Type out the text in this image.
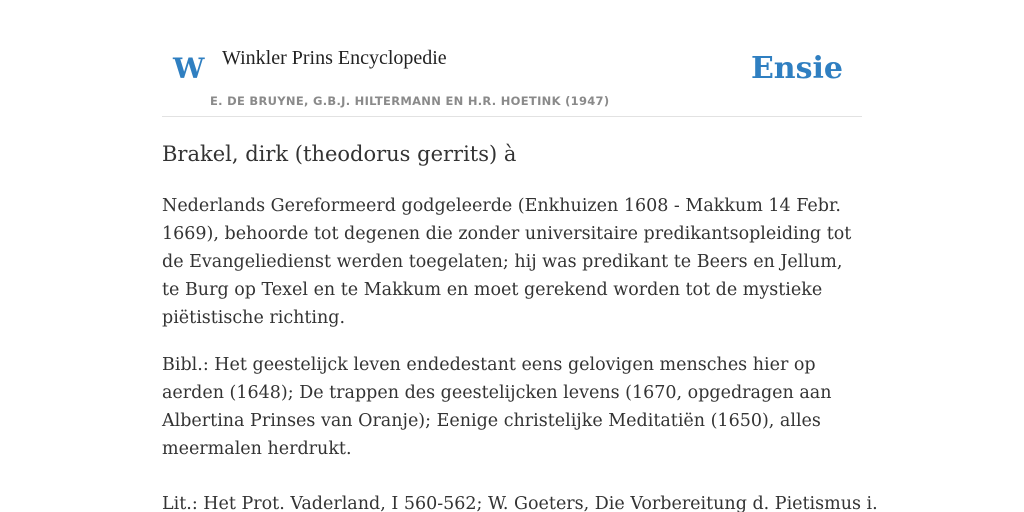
W Winkler Prins Encyclopedie
E. DE BRUYNE, G.B.J. HILTERMANN EN H.R. HOETINK (1947)
Ensie
Brakel, dirk (theodorus gerrits) à

Nederlands Gereformeerd godgeleerde (Enkhuizen 1608 - Makkum 14 Febr. 1669), behoorde tot degenen die zonder universitaire predikantsopleiding tot de Evangeliedienst werden toegelaten; hij was predikant te Beers en Jellum, te Burg op Texel en te Makkum en moet gerekend worden tot de mystieke piëtistische richting.

Bibl.: Het geestelijck leven endedestant eens gelovigen mensches hier op aerden (1648); De trappen des geestelijcken levens (1670, opgedragen aan Albertina Prinses van Oranje); Eenige christelijke Meditatiën (1650), alles meermalen herdrukt.

Lit.: Het Prot. Vaderland, I 560-562; W. Goeters, Die Vorbereitung d. Pietismus i.
